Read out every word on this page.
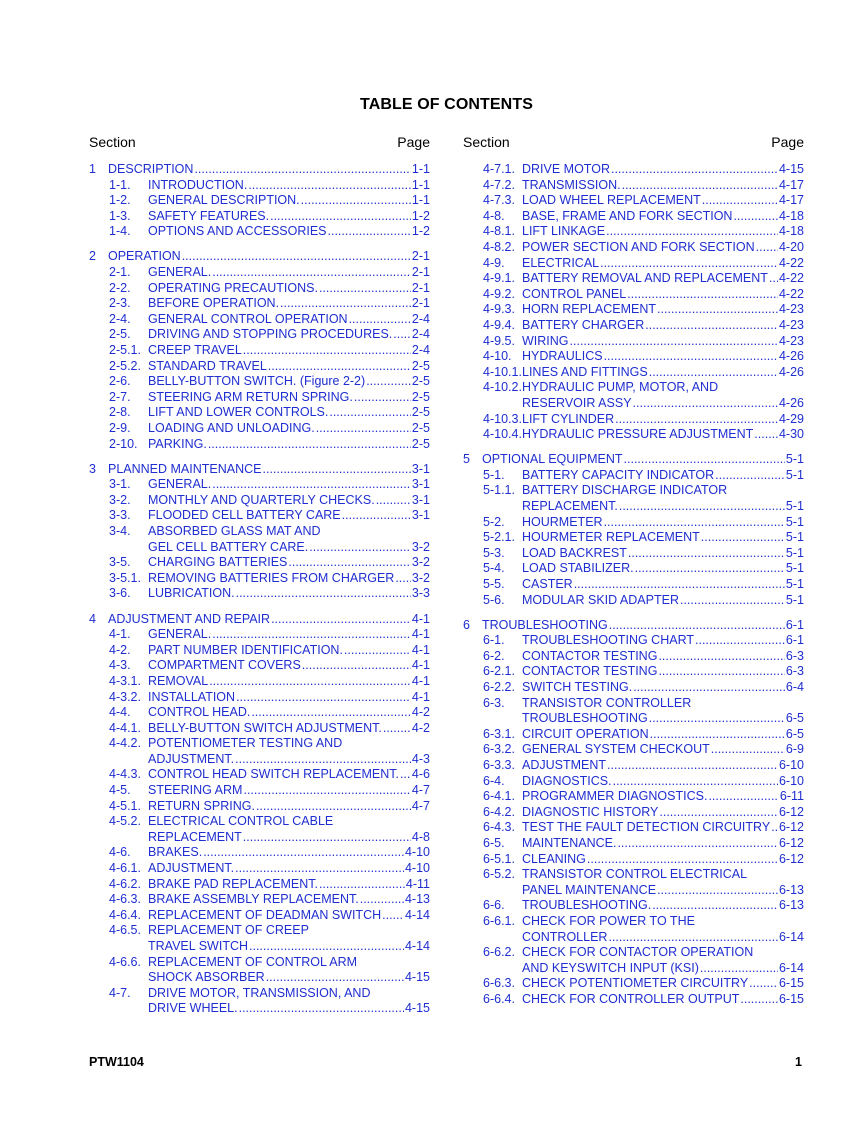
TABLE OF CONTENTS
Section	Page
1 DESCRIPTION .....	1-1
1-1. INTRODUCTION. .....	1-1
1-2. GENERAL DESCRIPTION. .....	1-1
1-3. SAFETY FEATURES. .....	1-2
1-4. OPTIONS AND ACCESSORIES .....	1-2
2 OPERATION .....	2-1
2-1. GENERAL. .....	2-1
2-2. OPERATING PRECAUTIONS. .....	2-1
2-3. BEFORE OPERATION. .....	2-1
2-4. GENERAL CONTROL OPERATION .....	2-4
2-5. DRIVING AND STOPPING PROCEDURES. ..... 2-4
2-5.1. CREEP TRAVEL .....	2-4
2-5.2. STANDARD TRAVEL .....	2-5
2-6. BELLY-BUTTON SWITCH. (Figure 2-2) .....	2-5
2-7. STEERING ARM RETURN SPRING. .....	2-5
2-8. LIFT AND LOWER CONTROLS. .....	2-5
2-9. LOADING AND UNLOADING. .....	2-5
2-10. PARKING. .....	2-5
3 PLANNED MAINTENANCE .....	3-1
3-1. GENERAL. .....	3-1
3-2. MONTHLY AND QUARTERLY CHECKS. .....	3-1
3-3. FLOODED CELL BATTERY CARE .....	3-1
3-4. ABSORBED GLASS MAT AND
GEL CELL BATTERY CARE. .....	3-2
3-5. CHARGING BATTERIES .....	3-2
3-5.1. REMOVING BATTERIES FROM CHARGER ..... 3-2
3-6. LUBRICATION. .....	3-3
4 ADJUSTMENT AND REPAIR .....	4-1
4-1. GENERAL. .....	4-1
4-2. PART NUMBER IDENTIFICATION. .....	4-1
4-3. COMPARTMENT COVERS .....	4-1
4-3.1. REMOVAL .....	4-1
4-3.2. INSTALLATION .....	4-1
4-4. CONTROL HEAD. .....	4-2
4-4.1. BELLY-BUTTON SWITCH ADJUSTMENT. ..... 4-2
4-4.2. POTENTIOMETER TESTING AND
ADJUSTMENT. .....	4-3
4-4.3. CONTROL HEAD SWITCH REPLACEMENT. ..... 4-6
4-5. STEERING ARM .....	4-7
4-5.1. RETURN SPRING. .....	4-7
4-5.2. ELECTRICAL CONTROL CABLE
REPLACEMENT .....	4-8
4-6. BRAKES. .....	4-10
4-6.1. ADJUSTMENT. .....	4-10
4-6.2. BRAKE PAD REPLACEMENT. .....	4-11
4-6.3. BRAKE ASSEMBLY REPLACEMENT. .....	4-13
4-6.4. REPLACEMENT OF DEADMAN SWITCH ..... 4-14
4-6.5. REPLACEMENT OF CREEP
TRAVEL SWITCH .....	4-14
4-6.6. REPLACEMENT OF CONTROL ARM
SHOCK ABSORBER .....	4-15
4-7. DRIVE MOTOR, TRANSMISSION, AND
DRIVE WHEEL. .....	4-15
Section	Page
4-7.1. DRIVE MOTOR .....	4-15
4-7.2. TRANSMISSION. .....	4-17
4-7.3. LOAD WHEEL REPLACEMENT .....	4-17
4-8. BASE, FRAME AND FORK SECTION .....	4-18
4-8.1. LIFT LINKAGE .....	4-18
4-8.2. POWER SECTION AND FORK SECTION ..... 4-20
4-9. ELECTRICAL .....	4-22
4-9.1. BATTERY REMOVAL AND REPLACEMENT ..... 4-22
4-9.2. CONTROL PANEL .....	4-22
4-9.3. HORN REPLACEMENT .....	4-23
4-9.4. BATTERY CHARGER .....	4-23
4-9.5. WIRING .....	4-23
4-10. HYDRAULICS .....	4-26
4-10.1. LINES AND FITTINGS .....	4-26
4-10.2. HYDRAULIC PUMP, MOTOR, AND
RESERVOIR ASSY .....	4-26
4-10.3. LIFT CYLINDER .....	4-29
4-10.4. HYDRAULIC PRESSURE ADJUSTMENT ..... 4-30
5 OPTIONAL EQUIPMENT .....	5-1
5-1. BATTERY CAPACITY INDICATOR .....	5-1
5-1.1. BATTERY DISCHARGE INDICATOR
REPLACEMENT. .....	5-1
5-2. HOURMETER .....	5-1
5-2.1. HOURMETER REPLACEMENT .....	5-1
5-3. LOAD BACKREST .....	5-1
5-4. LOAD STABILIZER. .....	5-1
5-5. CASTER .....	5-1
5-6. MODULAR SKID ADAPTER .....	5-1
6 TROUBLESHOOTING .....	6-1
6-1. TROUBLESHOOTING CHART .....	6-1
6-2. CONTACTOR TESTING .....	6-3
6-2.1. CONTACTOR TESTING .....	6-3
6-2.2. SWITCH TESTING. .....	6-4
6-3. TRANSISTOR CONTROLLER
TROUBLESHOOTING .....	6-5
6-3.1. CIRCUIT OPERATION .....	6-5
6-3.2. GENERAL SYSTEM CHECKOUT .....	6-9
6-3.3. ADJUSTMENT .....	6-10
6-4. DIAGNOSTICS. .....	6-10
6-4.1. PROGRAMMER DIAGNOSTICS. .....	6-11
6-4.2. DIAGNOSTIC HISTORY .....	6-12
6-4.3. TEST THE FAULT DETECTION CIRCUITRY ..... 6-12
6-5. MAINTENANCE. .....	6-12
6-5.1. CLEANING .....	6-12
6-5.2. TRANSISTOR CONTROL ELECTRICAL
PANEL MAINTENANCE .....	6-13
6-6. TROUBLESHOOTING. .....	6-13
6-6.1. CHECK FOR POWER TO THE
CONTROLLER .....	6-14
6-6.2. CHECK FOR CONTACTOR OPERATION
AND KEYSWITCH INPUT (KSI) .....	6-14
6-6.3. CHECK POTENTIOMETER CIRCUITRY ..... 6-15
6-6.4. CHECK FOR CONTROLLER OUTPUT .....	6-15
PTW1104	1
